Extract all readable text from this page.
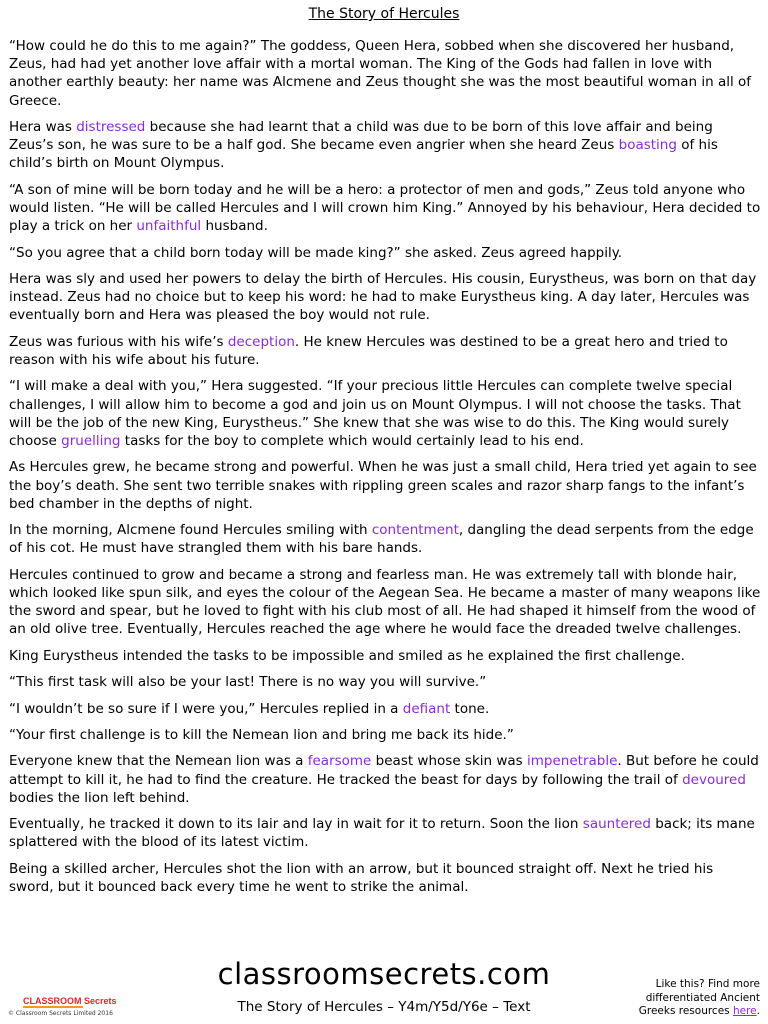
The Story of Hercules

“How could he do this to me again?” The goddess, Queen Hera, sobbed when she discovered her husband, Zeus, had had yet another love affair with a mortal woman. The King of the Gods had fallen in love with another earthly beauty: her name was Alcmene and Zeus thought she was the most beautiful woman in all of Greece.

Hera was distressed because she had learnt that a child was due to be born of this love affair and being Zeus’s son, he was sure to be a half god. She became even angrier when she heard Zeus boasting of his child’s birth on Mount Olympus.

“A son of mine will be born today and he will be a hero: a protector of men and gods,” Zeus told anyone who would listen. “He will be called Hercules and I will crown him King.” Annoyed by his behaviour, Hera decided to play a trick on her unfaithful husband.

“So you agree that a child born today will be made king?” she asked. Zeus agreed happily.

Hera was sly and used her powers to delay the birth of Hercules. His cousin, Eurystheus, was born on that day instead. Zeus had no choice but to keep his word: he had to make Eurystheus king. A day later, Hercules was eventually born and Hera was pleased the boy would not rule.

Zeus was furious with his wife’s deception. He knew Hercules was destined to be a great hero and tried to reason with his wife about his future.

“I will make a deal with you,” Hera suggested. “If your precious little Hercules can complete twelve special challenges, I will allow him to become a god and join us on Mount Olympus. I will not choose the tasks. That will be the job of the new King, Eurystheus.” She knew that she was wise to do this. The King would surely choose gruelling tasks for the boy to complete which would certainly lead to his end.

As Hercules grew, he became strong and powerful. When he was just a small child, Hera tried yet again to see the boy’s death. She sent two terrible snakes with rippling green scales and razor sharp fangs to the infant’s bed chamber in the depths of night.

In the morning, Alcmene found Hercules smiling with contentment, dangling the dead serpents from the edge of his cot. He must have strangled them with his bare hands.

Hercules continued to grow and became a strong and fearless man. He was extremely tall with blonde hair, which looked like spun silk, and eyes the colour of the Aegean Sea. He became a master of many weapons like the sword and spear, but he loved to fight with his club most of all. He had shaped it himself from the wood of an old olive tree. Eventually, Hercules reached the age where he would face the dreaded twelve challenges.

King Eurystheus intended the tasks to be impossible and smiled as he explained the first challenge.

“This first task will also be your last! There is no way you will survive.”

“I wouldn’t be so sure if I were you,” Hercules replied in a defiant tone.

“Your first challenge is to kill the Nemean lion and bring me back its hide.”

Everyone knew that the Nemean lion was a fearsome beast whose skin was impenetrable. But before he could attempt to kill it, he had to find the creature. He tracked the beast for days by following the trail of devoured bodies the lion left behind.

Eventually, he tracked it down to its lair and lay in wait for it to return. Soon the lion sauntered back; its mane splattered with the blood of its latest victim.

Being a skilled archer, Hercules shot the lion with an arrow, but it bounced straight off. Next he tried his sword, but it bounced back every time he went to strike the animal.

classroomsecrets.com
The Story of Hercules – Y4m/Y5d/Y6e – Text
CLASSROOM Secrets
© Classroom Secrets Limited 2016
Like this? Find more differentiated Ancient Greeks resources here.
